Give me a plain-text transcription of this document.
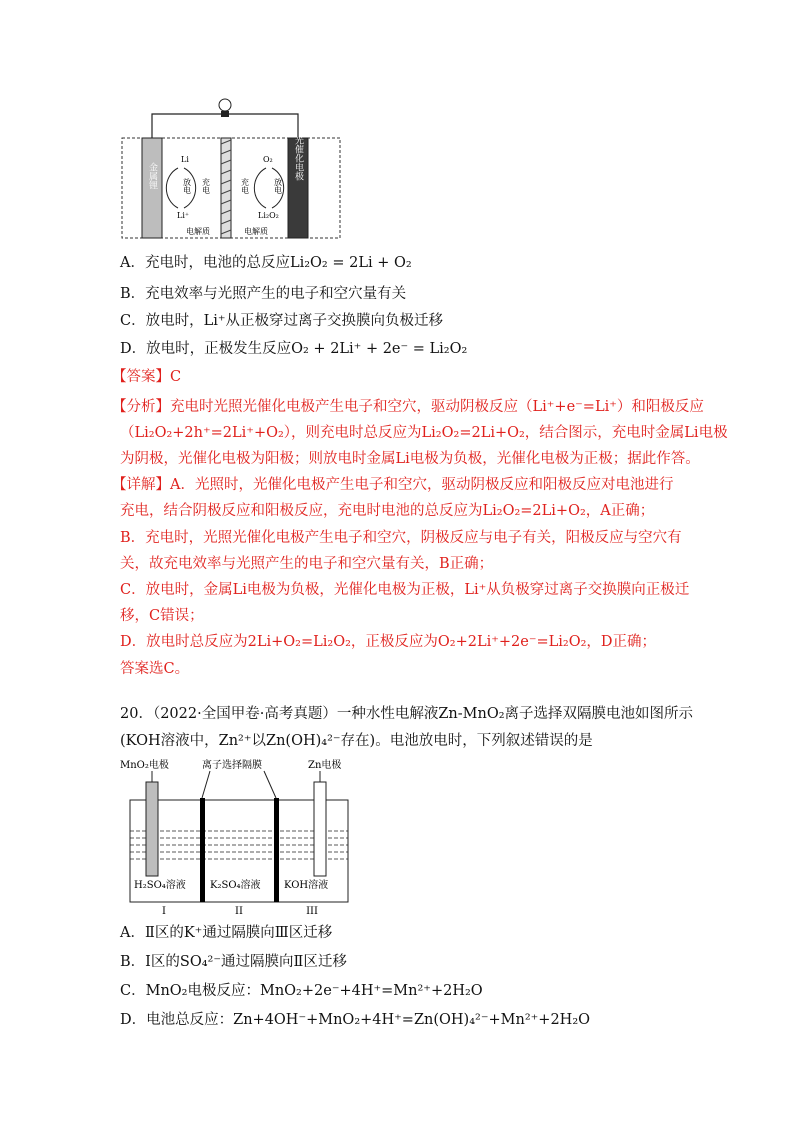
金属锂	光催化电极
Li
Li⁺
放电 充电
O₂
Li₂O₂
充电	放电
电解质	电解质
A．充电时，电池的总反应Li₂O₂ = 2Li + O₂
B．充电效率与光照产生的电子和空穴量有关
C．放电时，Li⁺从正极穿过离子交换膜向负极迁移
D．放电时，正极发生反应O₂ + 2Li⁺ + 2e⁻ = Li₂O₂
【答案】C
【分析】充电时光照光催化电极产生电子和空穴，驱动阴极反应（Li⁺+e⁻=Li⁺）和阳极反应
（Li₂O₂+2h⁺=2Li⁺+O₂），则充电时总反应为Li₂O₂=2Li+O₂，结合图示，充电时金属Li电极
为阴极，光催化电极为阳极；则放电时金属Li电极为负极，光催化电极为正极；据此作答。
【详解】A．光照时，光催化电极产生电子和空穴，驱动阴极反应和阳极反应对电池进行
充电，结合阴极反应和阳极反应，充电时电池的总反应为Li₂O₂=2Li+O₂，A正确；
B．充电时，光照光催化电极产生电子和空穴，阴极反应与电子有关，阳极反应与空穴有
关，故充电效率与光照产生的电子和空穴量有关，B正确；
C．放电时，金属Li电极为负极，光催化电极为正极，Li⁺从负极穿过离子交换膜向正极迁
移，C错误；
D．放电时总反应为2Li+O₂=Li₂O₂，正极反应为O₂+2Li⁺+2e⁻=Li₂O₂，D正确；
答案选C。
20．（2022·全国甲卷·高考真题）一种水性电解液Zn-MnO₂离子选择双隔膜电池如图所示
(KOH溶液中，Zn²⁺以Zn(OH)₄²⁻存在)。电池放电时，下列叙述错误的是
MnO₂电极	离子选择隔膜	Zn电极
H₂SO₄溶液 K₂SO₄溶液 KOH溶液
I	II	III
A．Ⅱ区的K⁺通过隔膜向Ⅲ区迁移
B．Ⅰ区的SO₄²⁻通过隔膜向Ⅱ区迁移
C．MnO₂电极反应：MnO₂+2e⁻+4H⁺=Mn²⁺+2H₂O
D．电池总反应：Zn+4OH⁻+MnO₂+4H⁺=Zn(OH)₄²⁻+Mn²⁺+2H₂O
